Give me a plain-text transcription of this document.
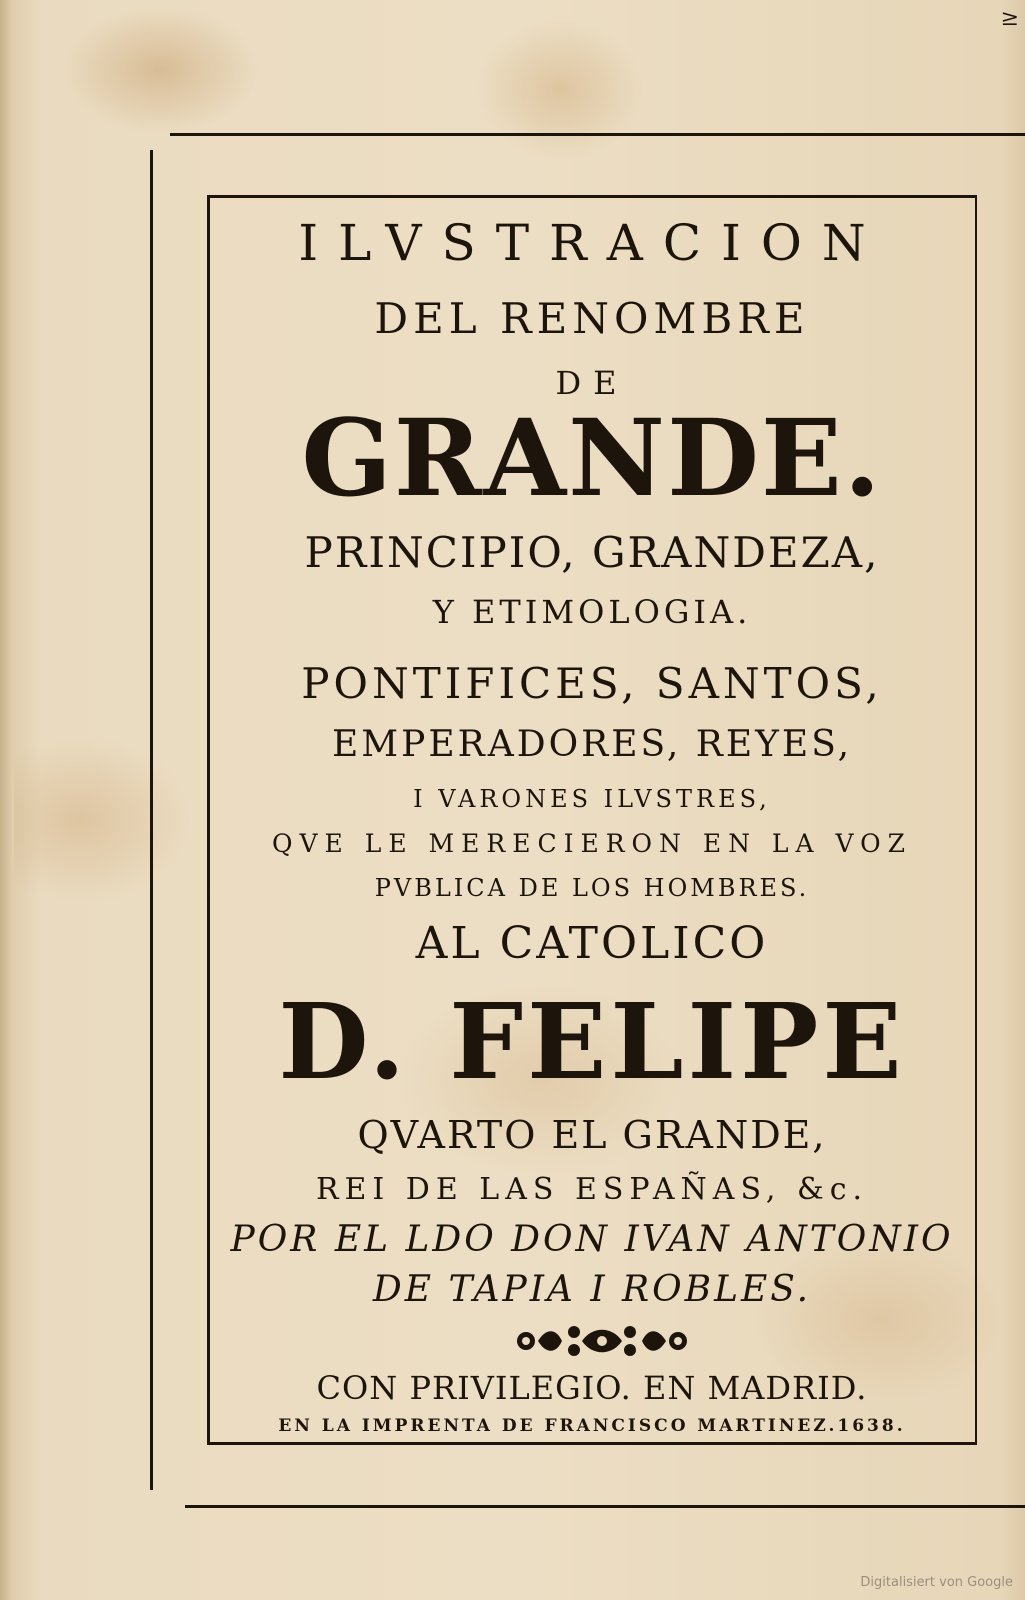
≥
ILVSTRACION
DEL RENOMBRE
DE
GRANDE.
PRINCIPIO, GRANDEZA,
Y ETIMOLOGIA.
PONTIFICES, SANTOS,
EMPERADORES, REYES,
I VARONES ILVSTRES,
QVE LE MERECIERON EN LA VOZ
PVBLICA DE LOS HOMBRES.
AL CATOLICO
D. FELIPE
QVARTO EL GRANDE,
REI DE LAS ESPAÑAS, &c.
POR EL LDO DON IVAN ANTONIO
DE TAPIA I ROBLES.
CON PRIVILEGIO. EN MADRID.
EN LA IMPRENTA DE FRANCISCO MARTINEZ.1638.
Digitalisiert von Google
